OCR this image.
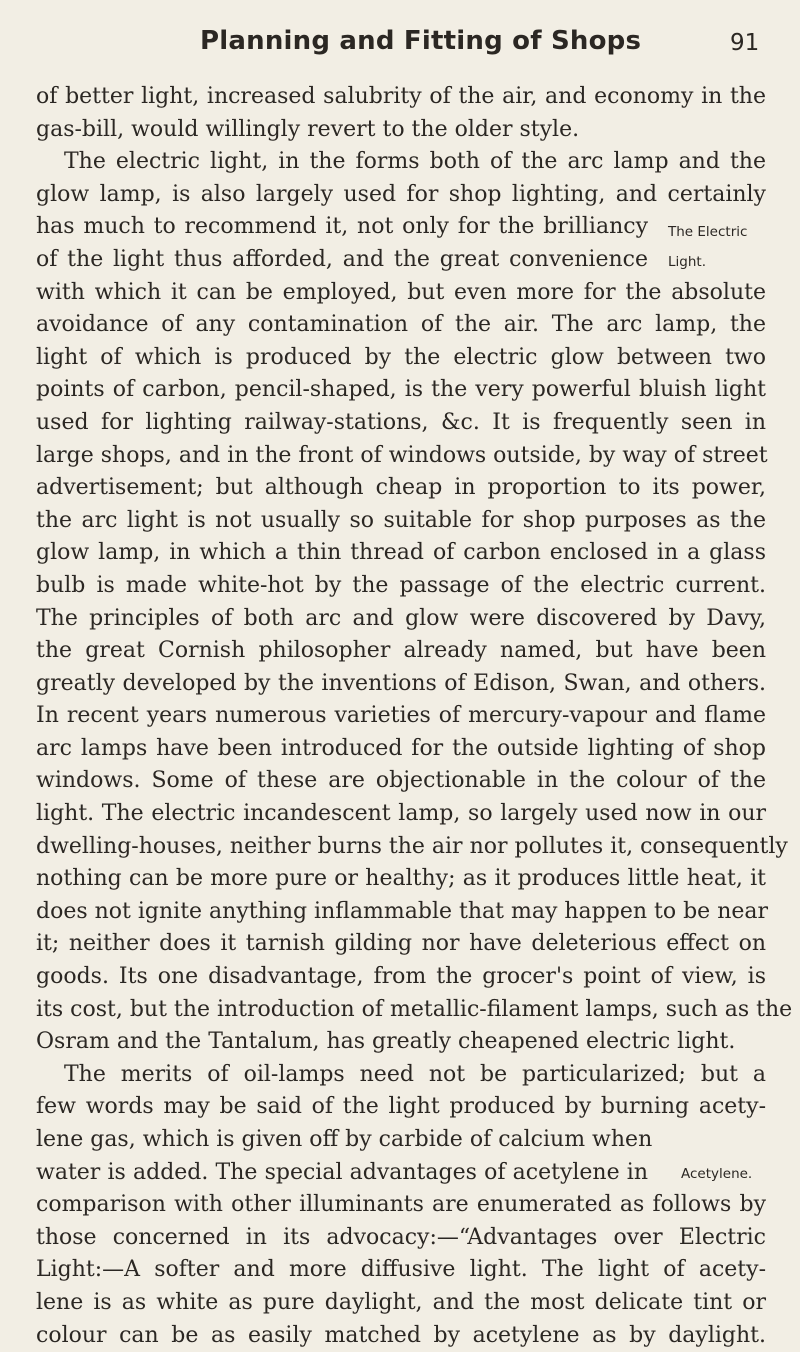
Planning and Fitting of Shops	91
of better light, increased salubrity of the air, and economy in the
gas-bill, would willingly revert to the older style.
The electric light, in the forms both of the arc lamp and the
glow lamp, is also largely used for shop lighting, and certainly
has much to recommend it, not only for the brilliancy
of the light thus afforded, and the great convenience
with which it can be employed, but even more for the absolute
avoidance of any contamination of the air. The arc lamp, the
light of which is produced by the electric glow between two
points of carbon, pencil-shaped, is the very powerful bluish light
used for lighting railway-stations, &c. It is frequently seen in
large shops, and in the front of windows outside, by way of street
advertisement; but although cheap in proportion to its power,
the arc light is not usually so suitable for shop purposes as the
glow lamp, in which a thin thread of carbon enclosed in a glass
bulb is made white-hot by the passage of the electric current.
The principles of both arc and glow were discovered by Davy,
the great Cornish philosopher already named, but have been
greatly developed by the inventions of Edison, Swan, and others.
In recent years numerous varieties of mercury-vapour and flame
arc lamps have been introduced for the outside lighting of shop
windows. Some of these are objectionable in the colour of the
light. The electric incandescent lamp, so largely used now in our
dwelling-houses, neither burns the air nor pollutes it, consequently
nothing can be more pure or healthy; as it produces little heat, it
does not ignite anything inflammable that may happen to be near
it; neither does it tarnish gilding nor have deleterious effect on
goods. Its one disadvantage, from the grocer's point of view, is
its cost, but the introduction of metallic-filament lamps, such as the
Osram and the Tantalum, has greatly cheapened electric light.
The merits of oil-lamps need not be particularized; but a
few words may be said of the light produced by burning acety-
lene gas, which is given off by carbide of calcium when
water is added. The special advantages of acetylene in
comparison with other illuminants are enumerated as follows by
those concerned in its advocacy:—“Advantages over Electric
Light:—A softer and more diffusive light. The light of acety-
lene is as white as pure daylight, and the most delicate tint or
colour can be as easily matched by acetylene as by daylight.
The Electric
Light.
Acetylene.
